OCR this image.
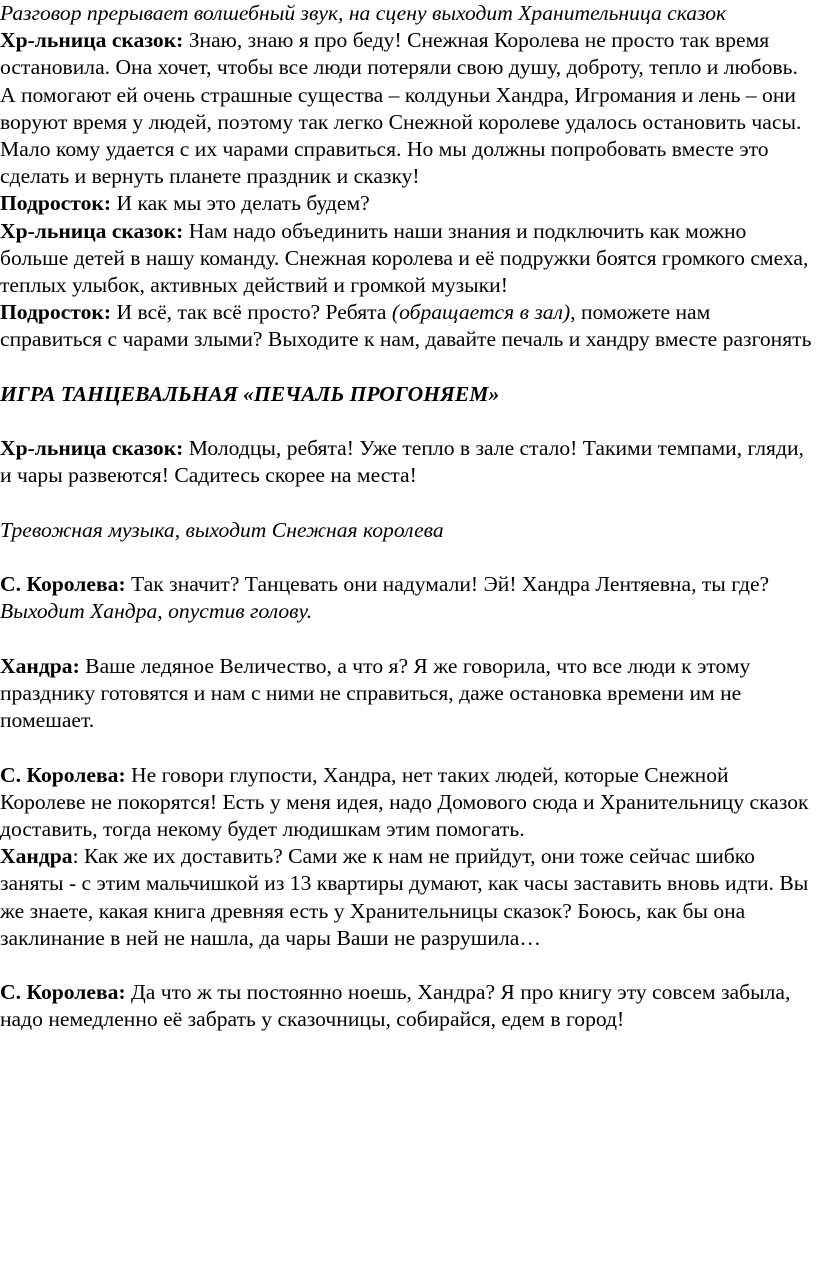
Разговор прерывает волшебный звук, на сцену выходит Хранительница сказок

Хр-льница сказок: Знаю, знаю я про беду! Снежная Королева не просто так время остановила. Она хочет, чтобы все люди потеряли свою душу, доброту, тепло и любовь. А помогают ей очень страшные существа – колдуньи Хандра, Игромания и лень – они воруют время у людей, поэтому так легко Снежной королеве удалось остановить часы. Мало кому удается с их чарами справиться. Но мы должны попробовать вместе это сделать и вернуть планете праздник и сказку!

Подросток: И как мы это делать будем?

Хр-льница сказок: Нам надо объединить наши знания и подключить как можно больше детей в нашу команду. Снежная королева и её подружки боятся громкого смеха, теплых улыбок, активных действий и громкой музыки!

Подросток: И всё, так всё просто? Ребята (обращается в зал), поможете нам справиться с чарами злыми? Выходите к нам, давайте печаль и хандру вместе разгонять

ИГРА ТАНЦЕВАЛЬНАЯ «ПЕЧАЛЬ ПРОГОНЯЕМ»

Хр-льница сказок: Молодцы, ребята! Уже тепло в зале стало! Такими темпами, гляди, и чары развеются! Садитесь скорее на места!

Тревожная музыка, выходит Снежная королева

С. Королева: Так значит? Танцевать они надумали! Эй! Хандра Лентяевна, ты где?

Выходит Хандра, опустив голову.

Хандра: Ваше ледяное Величество, а что я? Я же говорила, что все люди к этому празднику готовятся и нам с ними не справиться, даже остановка времени им не помешает.

С. Королева: Не говори глупости, Хандра, нет таких людей, которые Снежной Королеве не покорятся! Есть у меня идея, надо Домового сюда и Хранительницу сказок доставить, тогда некому будет людишкам этим помогать.

Хандра: Как же их доставить? Сами же к нам не прийдут, они тоже сейчас шибко заняты - с этим мальчишкой из 13 квартиры думают, как часы заставить вновь идти. Вы же знаете, какая книга древняя есть у Хранительницы сказок? Боюсь, как бы она заклинание в ней не нашла, да чары Ваши не разрушила…

С. Королева: Да что ж ты постоянно ноешь, Хандра? Я про книгу эту совсем забыла, надо немедленно её забрать у сказочницы, собирайся, едем в город!
